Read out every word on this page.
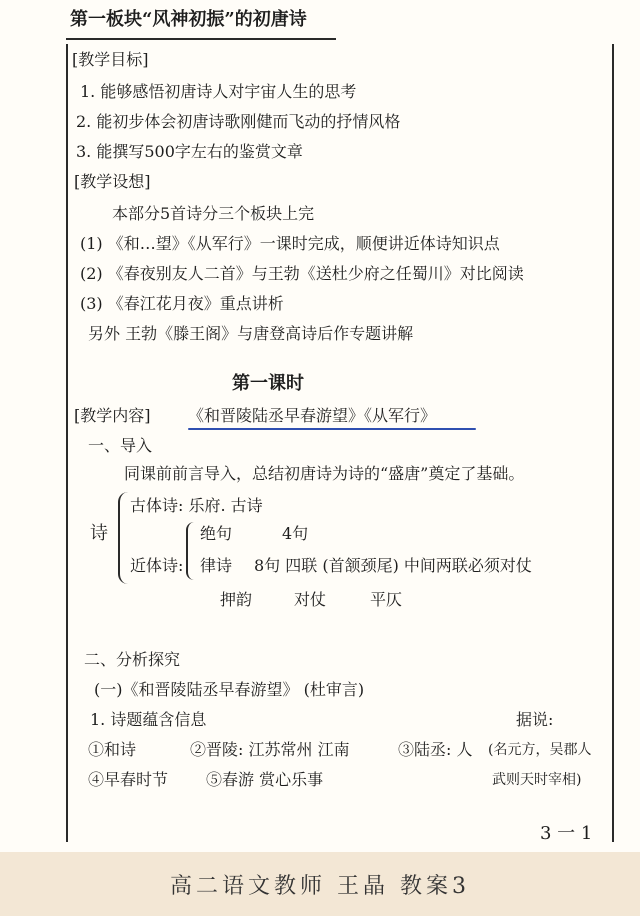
第一板块“风神初振”的初唐诗
[教学目标]
1. 能够感悟初唐诗人对宇宙人生的思考
2. 能初步体会初唐诗歌刚健而飞动的抒情风格
3. 能撰写500字左右的鉴赏文章
[教学设想]
本部分5首诗分三个板块上完
(1) 《和…望》《从军行》一课时完成，顺便讲近体诗知识点
(2) 《春夜别友人二首》与王勃《送杜少府之任蜀川》对比阅读
(3) 《春江花月夜》重点讲析
另外 王勃《滕王阁》与唐登高诗后作专题讲解
第一课时
[教学内容] 《和晋陵陆丞早春游望》《从军行》
一、导入
同课前前言导入，总结初唐诗为诗的“盛唐”奠定了基础。
诗
古体诗: 乐府. 古诗
近体诗:
绝句	4句
律诗 8句 四联 (首颔颈尾) 中间两联必须对仗
押韵	对仗	平仄
二、分析探究
(一)《和晋陵陆丞早春游望》 (杜审言)
1. 诗题蕴含信息	据说:
①和诗	②晋陵: 江苏常州 江南	③陆丞: 人 (名元方，吴郡人
④早春时节 ⑤春游 赏心乐事	武则天时宰相)
3 一 1
高二语文教师 王晶 教案3
